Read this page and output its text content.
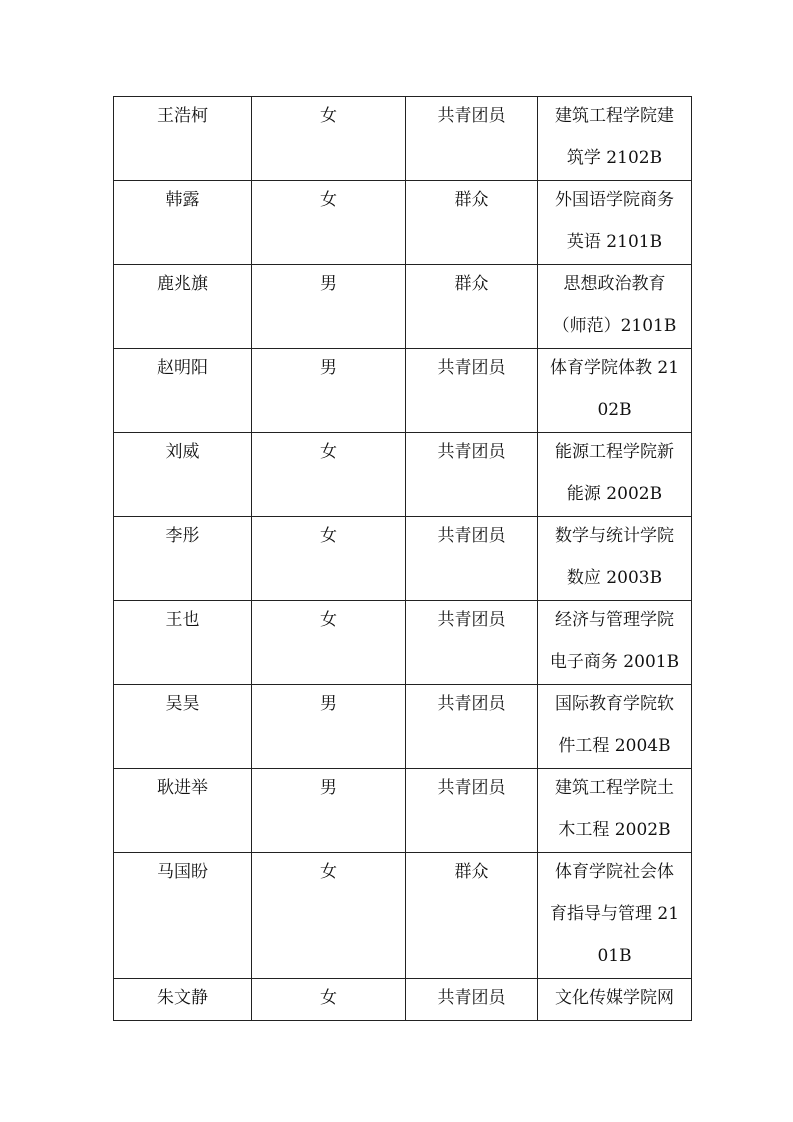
王浩柯	女	共青团员	建筑工程学院建筑学 2102B

韩露	女	群众	外国语学院商务英语 2101B

鹿兆旗	男	群众	思想政治教育（师范）2101B

赵明阳	男	共青团员	体育学院体教 2102B

刘威	女	共青团员	能源工程学院新能源 2002B

李彤	女	共青团员	数学与统计学院数应 2003B

王也	女	共青团员	经济与管理学院电子商务 2001B

吴昊	男	共青团员	国际教育学院软件工程 2004B

耿进举	男	共青团员	建筑工程学院土木工程 2002B

马国盼	女	群众	体育学院社会体育指导与管理 2101B

朱文静	女	共青团员	文化传媒学院网
